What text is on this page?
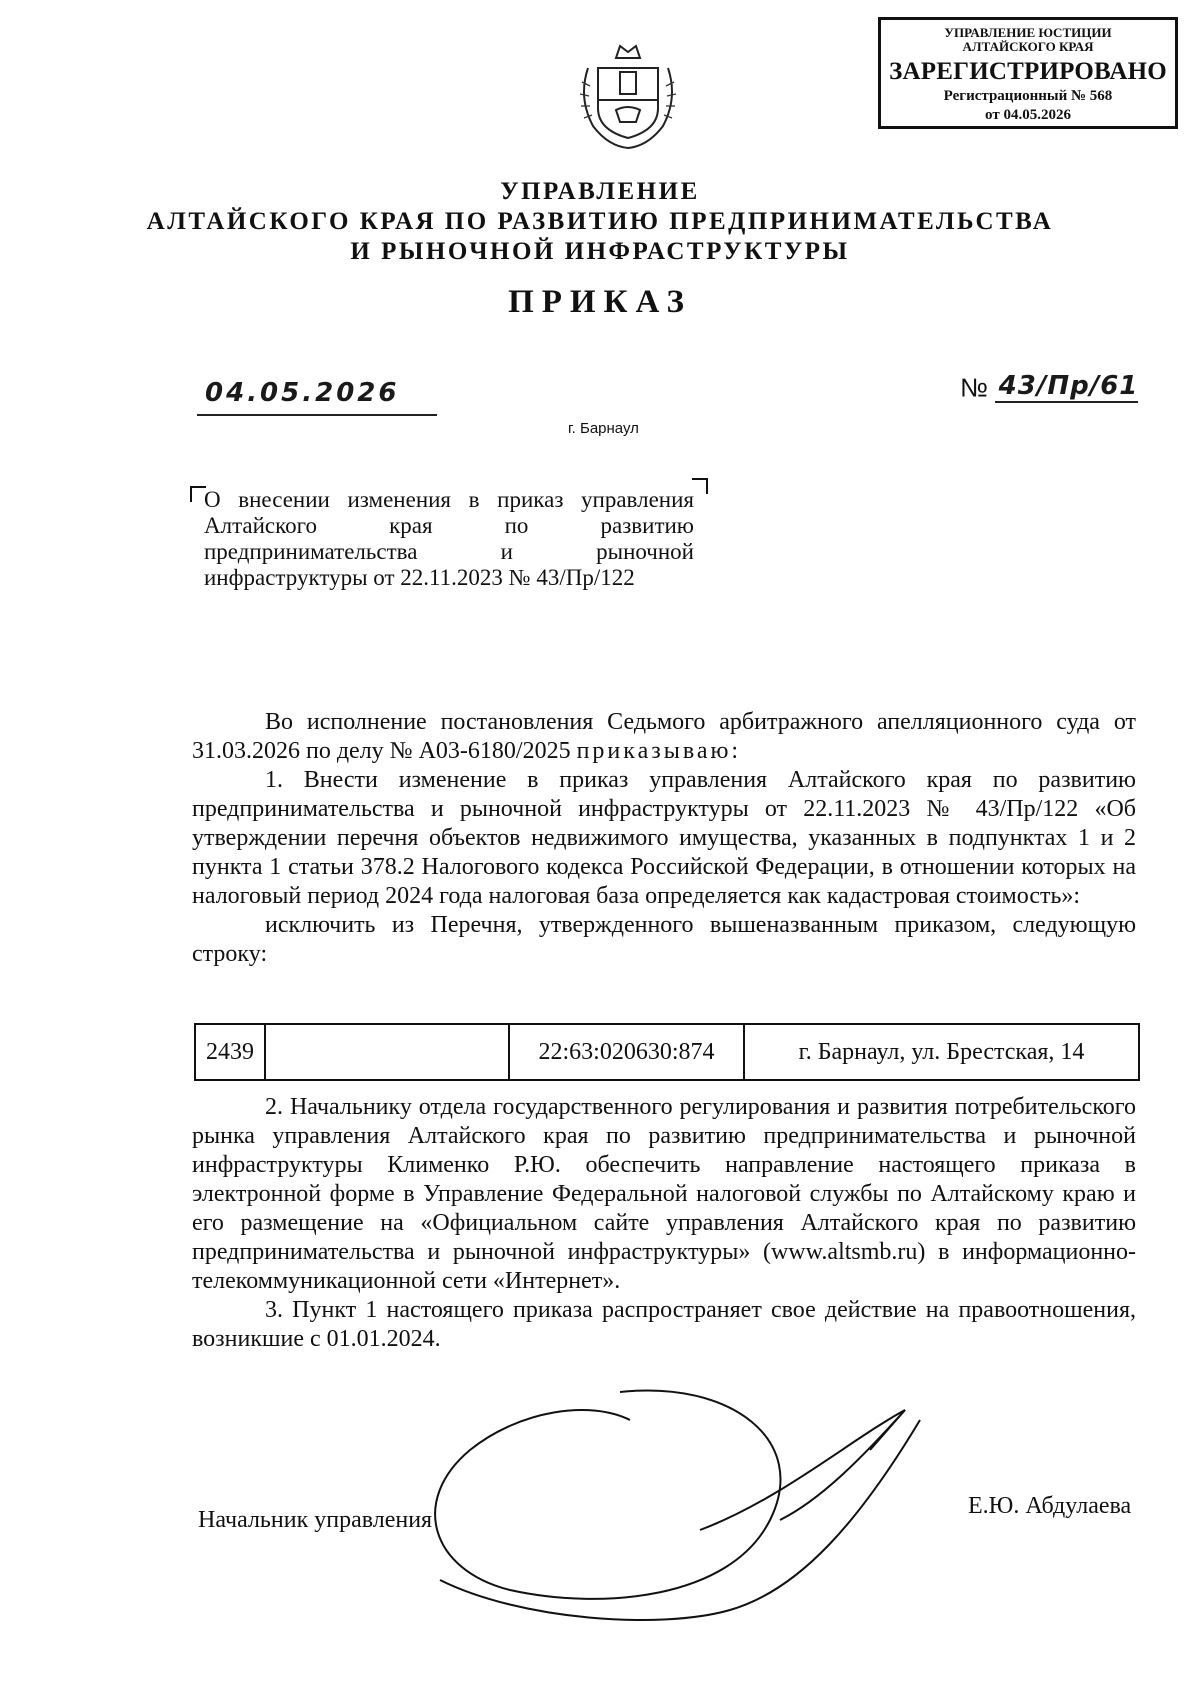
УПРАВЛЕНИЕ ЮСТИЦИИ
АЛТАЙСКОГО КРАЯ
ЗАРЕГИСТРИРОВАНО
Регистрационный № 568
от 04.05.2026
УПРАВЛЕНИЕ
АЛТАЙСКОГО КРАЯ ПО РАЗВИТИЮ ПРЕДПРИНИМАТЕЛЬСТВА
И РЫНОЧНОЙ ИНФРАСТРУКТУРЫ
ПРИКАЗ
04.05.2026	№ 43/Пр/61
г. Барнаул
О внесении изменения в приказ управления Алтайского края по развитию предпринимательства и рыночной инфраструктуры от 22.11.2023 № 43/Пр/122
Во исполнение постановления Седьмого арбитражного апелляционного суда от 31.03.2026 по делу № А03-6180/2025 приказываю:
1. Внести изменение в приказ управления Алтайского края по развитию предпринимательства и рыночной инфраструктуры от 22.11.2023 № 43/Пр/122 «Об утверждении перечня объектов недвижимого имущества, указанных в подпунктах 1 и 2 пункта 1 статьи 378.2 Налогового кодекса Российской Федерации, в отношении которых на налоговый период 2024 года налоговая база определяется как кадастровая стоимость»:
исключить из Перечня, утвержденного вышеназванным приказом, следующую строку:
2439		22:63:020630:874	г. Барнаул, ул. Брестская, 14
2. Начальнику отдела государственного регулирования и развития потребительского рынка управления Алтайского края по развитию предпринимательства и рыночной инфраструктуры Клименко Р.Ю. обеспечить направление настоящего приказа в электронной форме в Управление Федеральной налоговой службы по Алтайскому краю и его размещение на «Официальном сайте управления Алтайского края по развитию предпринимательства и рыночной инфраструктуры» (www.altsmb.ru) в информационно-телекоммуникационной сети «Интернет».
3. Пункт 1 настоящего приказа распространяет свое действие на правоотношения, возникшие с 01.01.2024.
Начальник управления
Е.Ю. Абдулаева
